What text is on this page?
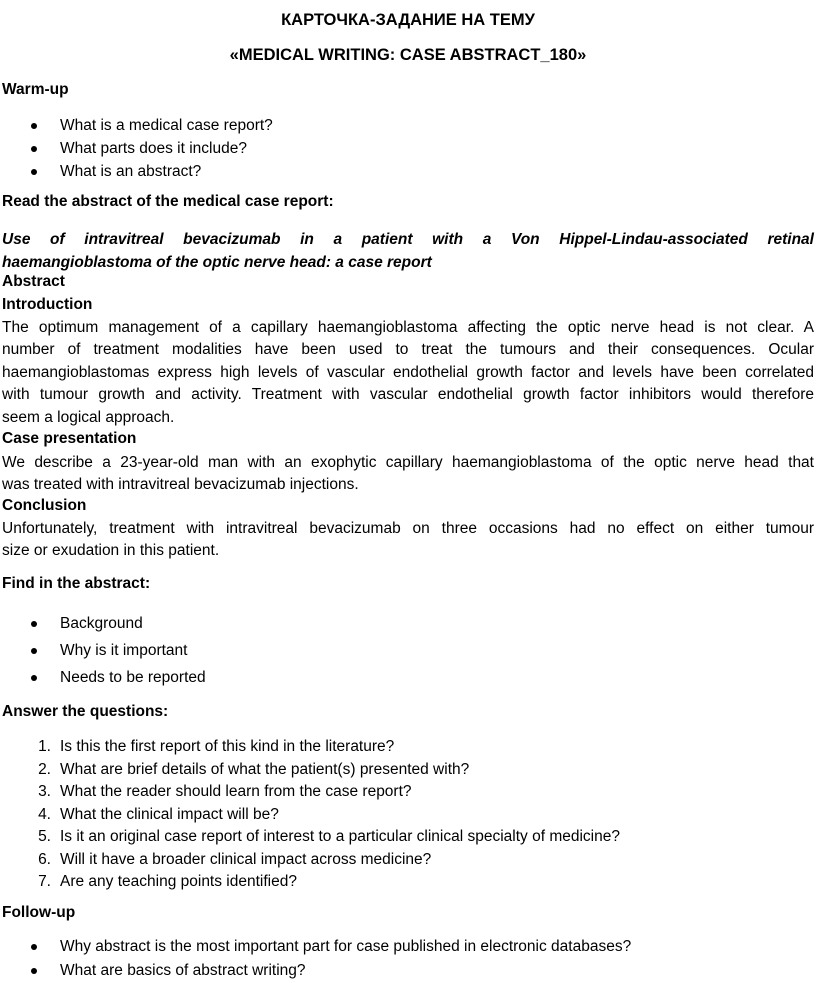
КАРТОЧКА-ЗАДАНИЕ НА ТЕМУ
«MEDICAL WRITING: CASE ABSTRACT_180»
Warm-up
What is a medical case report?
What parts does it include?
What is an abstract?
Read the abstract of the medical case report:
Use of intravitreal bevacizumab in a patient with a Von Hippel-Lindau-associated retinal
haemangioblastoma of the optic nerve head: a case report
Abstract
Introduction
The optimum management of a capillary haemangioblastoma affecting the optic nerve head is not clear. A
number of treatment modalities have been used to treat the tumours and their consequences. Ocular
haemangioblastomas express high levels of vascular endothelial growth factor and levels have been correlated
with tumour growth and activity. Treatment with vascular endothelial growth factor inhibitors would therefore
seem a logical approach.
Case presentation
We describe a 23-year-old man with an exophytic capillary haemangioblastoma of the optic nerve head that
was treated with intravitreal bevacizumab injections.
Conclusion
Unfortunately, treatment with intravitreal bevacizumab on three occasions had no effect on either tumour
size or exudation in this patient.
Find in the abstract:
Background
Why is it important
Needs to be reported
Answer the questions:
1. Is this the first report of this kind in the literature?
2. What are brief details of what the patient(s) presented with?
3. What the reader should learn from the case report?
4. What the clinical impact will be?
5. Is it an original case report of interest to a particular clinical specialty of medicine?
6. Will it have a broader clinical impact across medicine?
7. Are any teaching points identified?
Follow-up
Why abstract is the most important part for case published in electronic databases?
What are basics of abstract writing?
